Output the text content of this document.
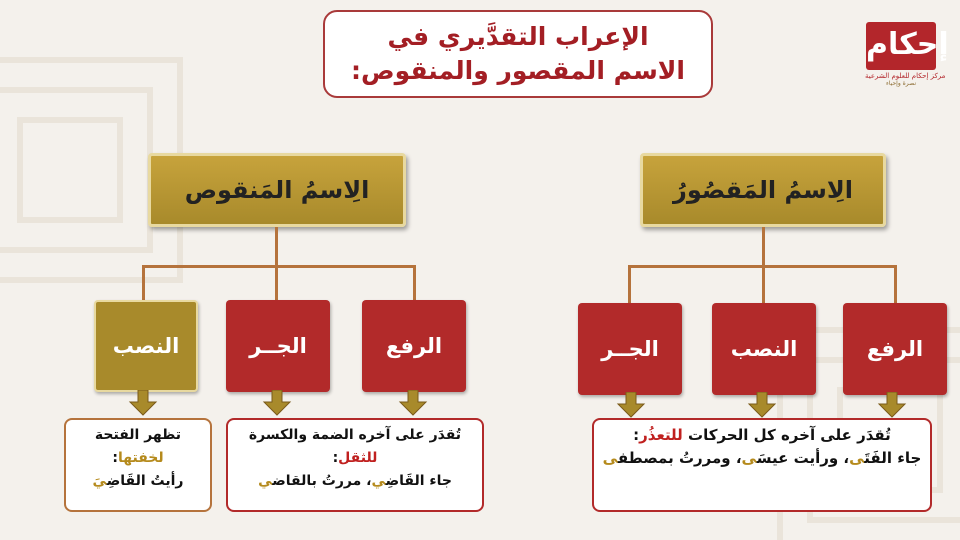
الإعراب التقدَّيري في
الاسم المقصور والمنقوص:
إحكام
مركز إحكام للعلوم الشرعية
نصرة وإحياء
الِاسمُ المَقصُورُ
الرفع
النصب
الجــر
تُقدَر على آخره كل الحركات للتعذُر:
جاء الفَتَى، ورأيت عيسَى، ومررتُ بمصطفى
الِاسمُ المَنقوص
الرفع
الجــر
النصب
تُقدَر على آخره الضمة والكسرة
للثقل:
جاء القَاضِي، مررتُ بالقاضي
تظهر الفتحة
لخفتها:
رأيتُ القَاضِيَ
